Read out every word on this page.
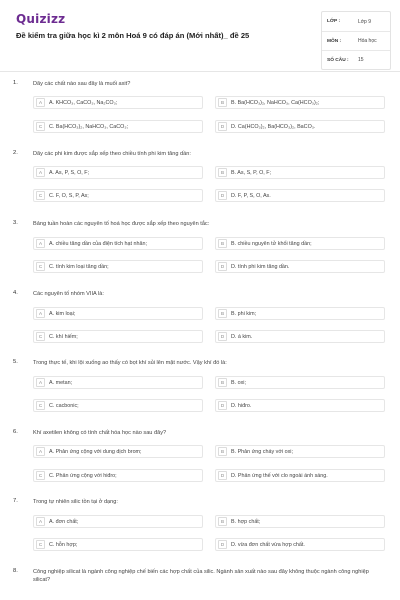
Quizizz
Đề kiểm tra giữa học kì 2 môn Hoá 9 có đáp án (Mới nhất)_ đề 25
LỚP :	Lớp 9
MÔN :	Hóa học
SỐ CÂU :	15
1.	Dãy các chất nào sau đây là muối axit?
A	A. KHCO₃, CaCO₃, Na₂CO₃;	B	B. Ba(HCO₃)₂, NaHCO₃, Ca(HCO₃)₂;
C	C. Ba(HCO₃)₂, NaHCO₃, CaCO₃;	D	D. Ca(HCO₃)₂, Ba(HCO₃)₂, BaCO₃.
2.	Dãy các phi kim được sắp xếp theo chiều tính phi kim tăng dần:
A	A. As, P, S, O, F;	B	B. As, S, P, O, F;
C	C. F, O, S, P, As;	D	D. F, P, S, O, As.
3.	Bảng tuần hoàn các nguyên tố hoá học được sắp xếp theo nguyên tắc:
A	A. chiều tăng dần của điện tích hạt nhân;	B	B. chiều nguyên tử khối tăng dần;
C	C. tính kim loại tăng dần;	D	D. tính phi kim tăng dần.
4.	Các nguyên tố nhóm VIIA là:
A	A. kim loại;	B	B. phi kim;
C	C. khí hiếm;	D	D. á kim.
5.	Trong thực tế, khi lội xuống ao thấy có bọt khí sủi lên mặt nước. Vậy khí đó là:
A	A. metan;	B	B. oxi;
C	C. cacbonic;	D	D. hiđro.
6.	Khí axetilen không có tính chất hóa học nào sau đây?
A	A. Phản ứng cộng với dung dịch brom;	B	B. Phản ứng cháy với oxi;
C	C. Phản ứng cộng với hiđro;	D	D. Phản ứng thế với clo ngoài ánh sáng.
7.	Trong tự nhiên silic tồn tại ở dạng:
A	A. đơn chất;	B	B. hợp chất;
C	C. hỗn hợp;	D	D. vừa đơn chất vừa hợp chất.
8.	Công nghiệp silicat là ngành công nghiệp chế biến các hợp chất của silic. Ngành sản xuất nào sau đây không thuộc ngành công nghiệp silicat?
